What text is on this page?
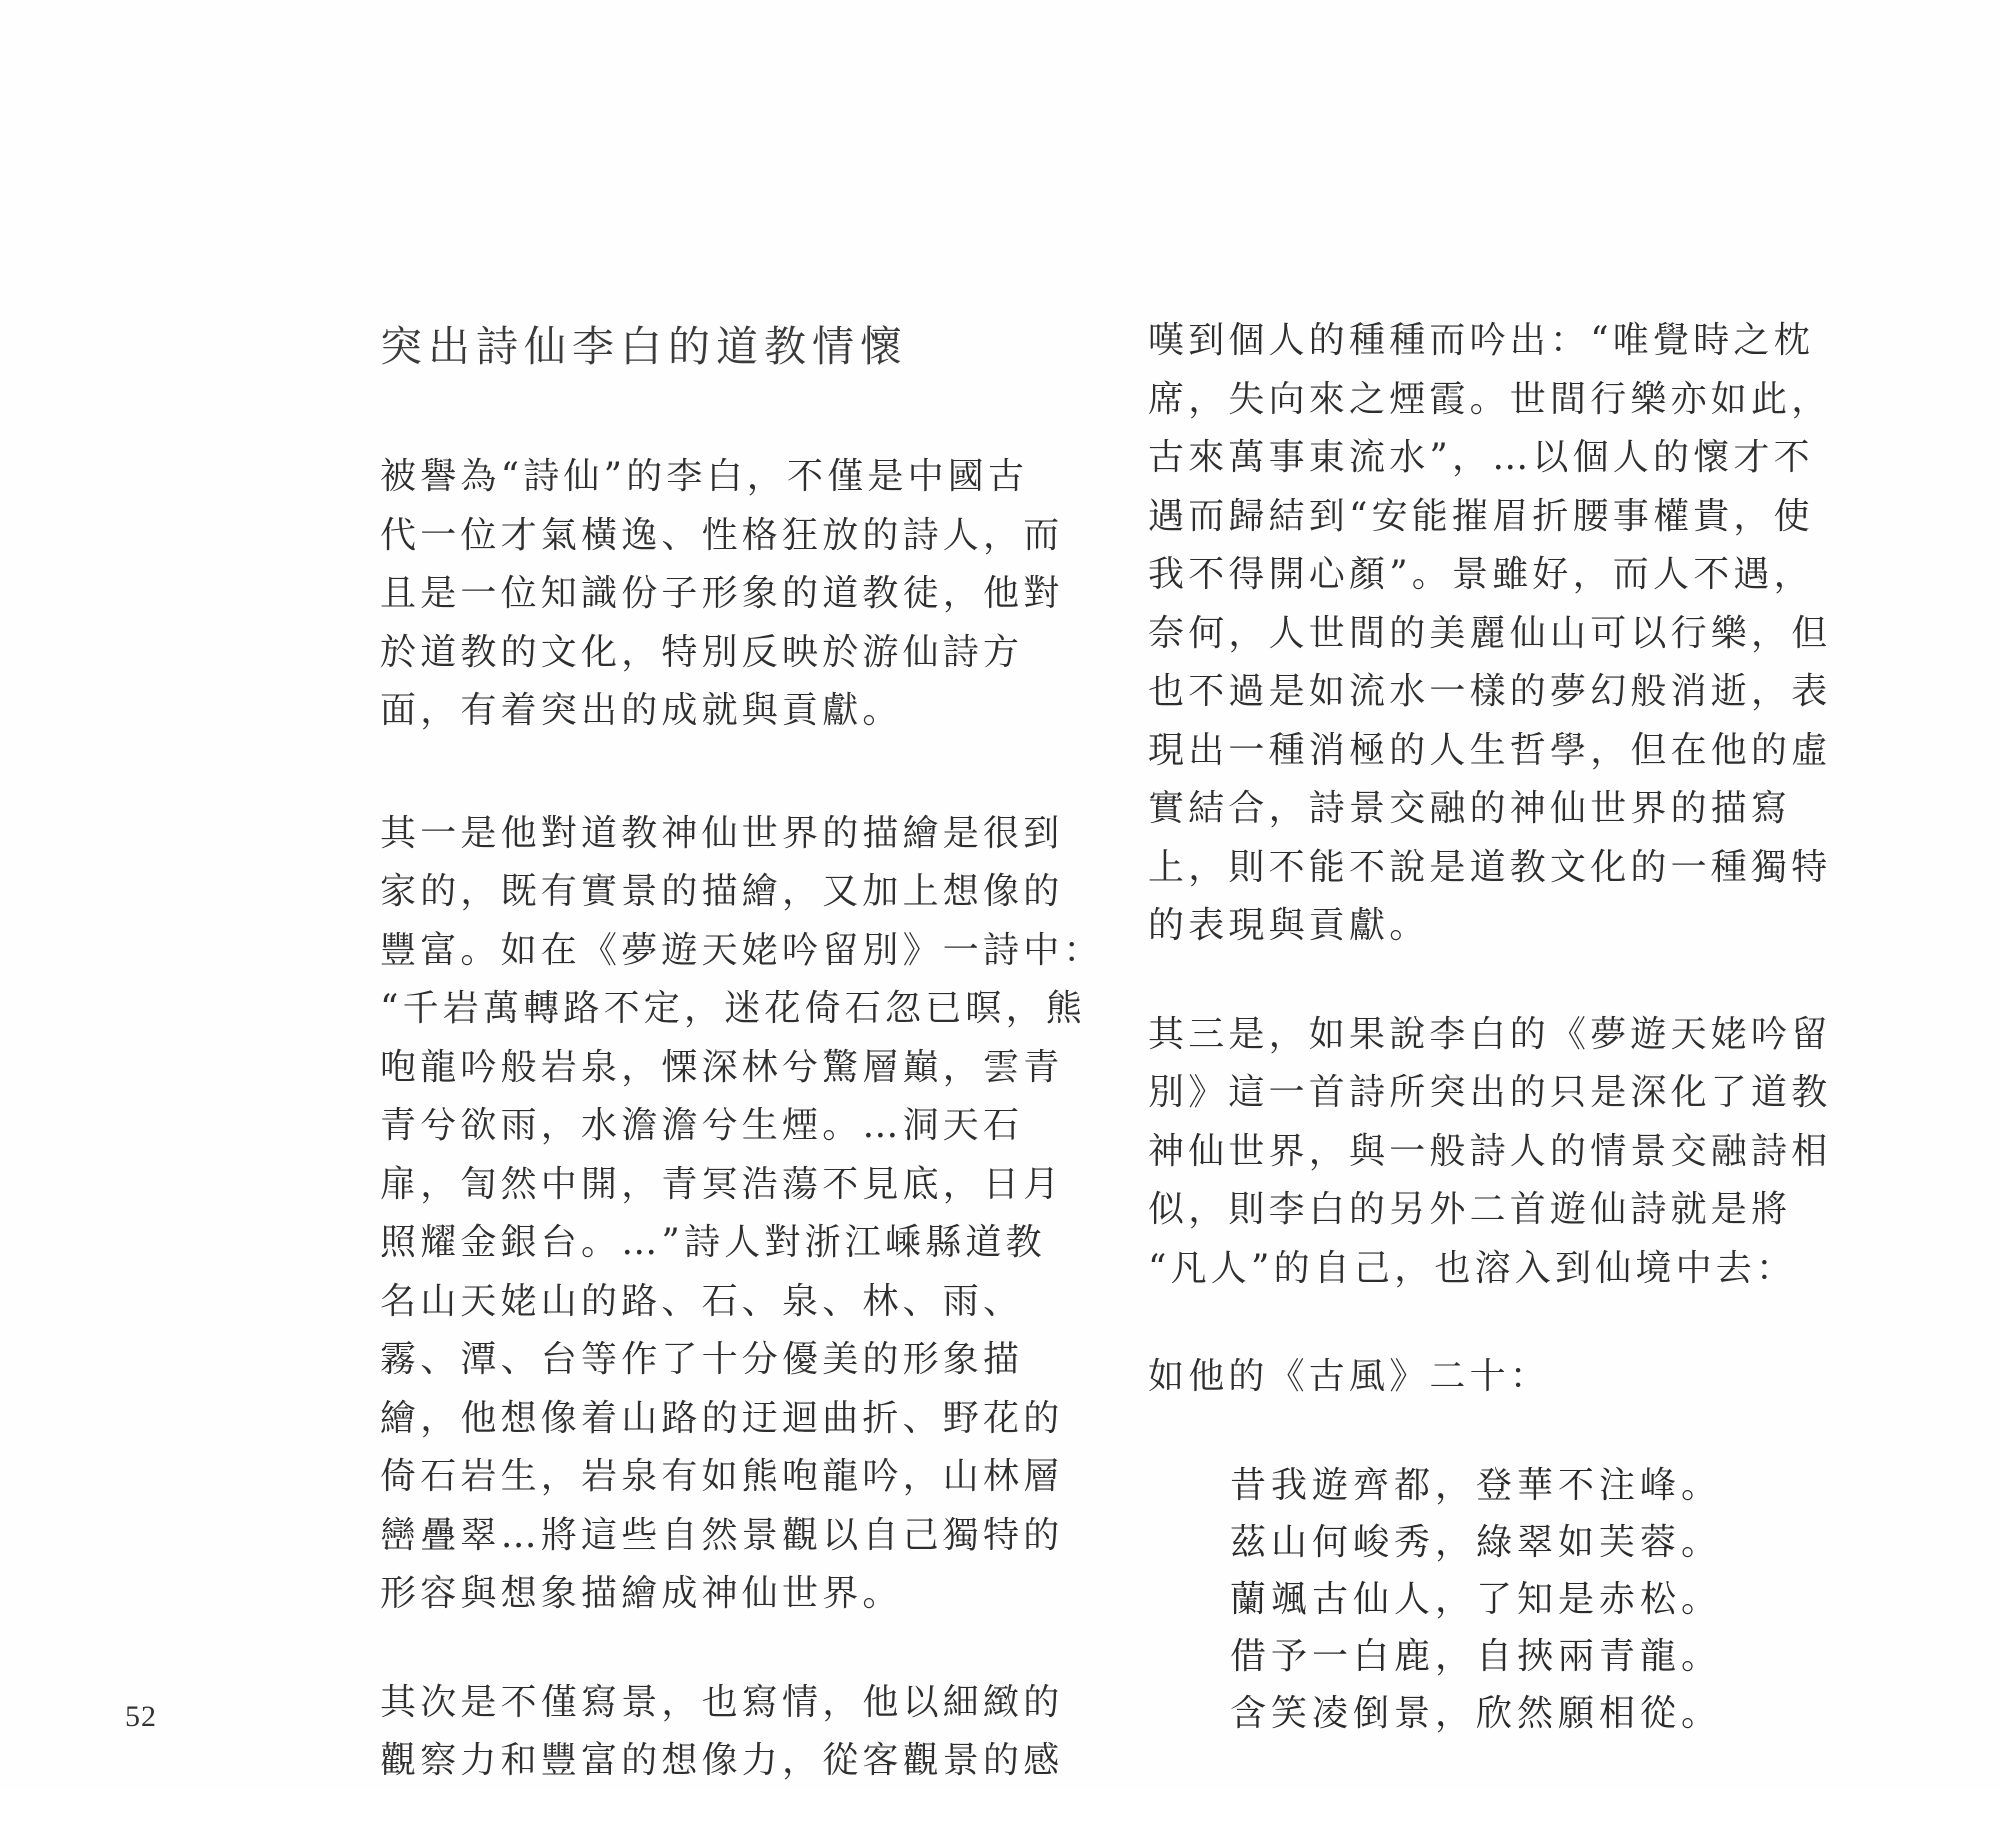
突出詩仙李白的道教情懷
被譽為“詩仙”的李白，不僅是中國古
代一位才氣橫逸、性格狂放的詩人，而
且是一位知識份子形象的道教徒，他對
於道教的文化，特別反映於游仙詩方
面，有着突出的成就與貢獻。
其一是他對道教神仙世界的描繪是很到
家的，既有實景的描繪，又加上想像的
豐富。如在《夢遊天姥吟留別》一詩中：
“千岩萬轉路不定，迷花倚石忽已暝，熊
咆龍吟般岩泉，慄深林兮驚層巔，雲青
青兮欲雨，水澹澹兮生煙。…洞天石
扉，訇然中開，青冥浩蕩不見底，日月
照耀金銀台。…”詩人對浙江嵊縣道教
名山天姥山的路、石、泉、林、雨、
霧、潭、台等作了十分優美的形象描
繪，他想像着山路的迂迴曲折、野花的
倚石岩生，岩泉有如熊咆龍吟，山林層
巒疊翠…將這些自然景觀以自己獨特的
形容與想象描繪成神仙世界。
其次是不僅寫景，也寫情，他以細緻的
觀察力和豐富的想像力，從客觀景的感
嘆到個人的種種而吟出：“唯覺時之枕
席，失向來之煙霞。世間行樂亦如此，
古來萬事東流水”，…以個人的懷才不
遇而歸結到“安能摧眉折腰事權貴，使
我不得開心顏”。景雖好，而人不遇，
奈何，人世間的美麗仙山可以行樂，但
也不過是如流水一樣的夢幻般消逝，表
現出一種消極的人生哲學，但在他的虛
實結合，詩景交融的神仙世界的描寫
上，則不能不說是道教文化的一種獨特
的表現與貢獻。
其三是，如果說李白的《夢遊天姥吟留
別》這一首詩所突出的只是深化了道教
神仙世界，與一般詩人的情景交融詩相
似，則李白的另外二首遊仙詩就是將
“凡人”的自己，也溶入到仙境中去：
如他的《古風》二十：
昔我遊齊都，登華不注峰。
茲山何峻秀，綠翠如芙蓉。
蘭颯古仙人，了知是赤松。
借予一白鹿，自挾兩青龍。
含笑凌倒景，欣然願相從。
52
